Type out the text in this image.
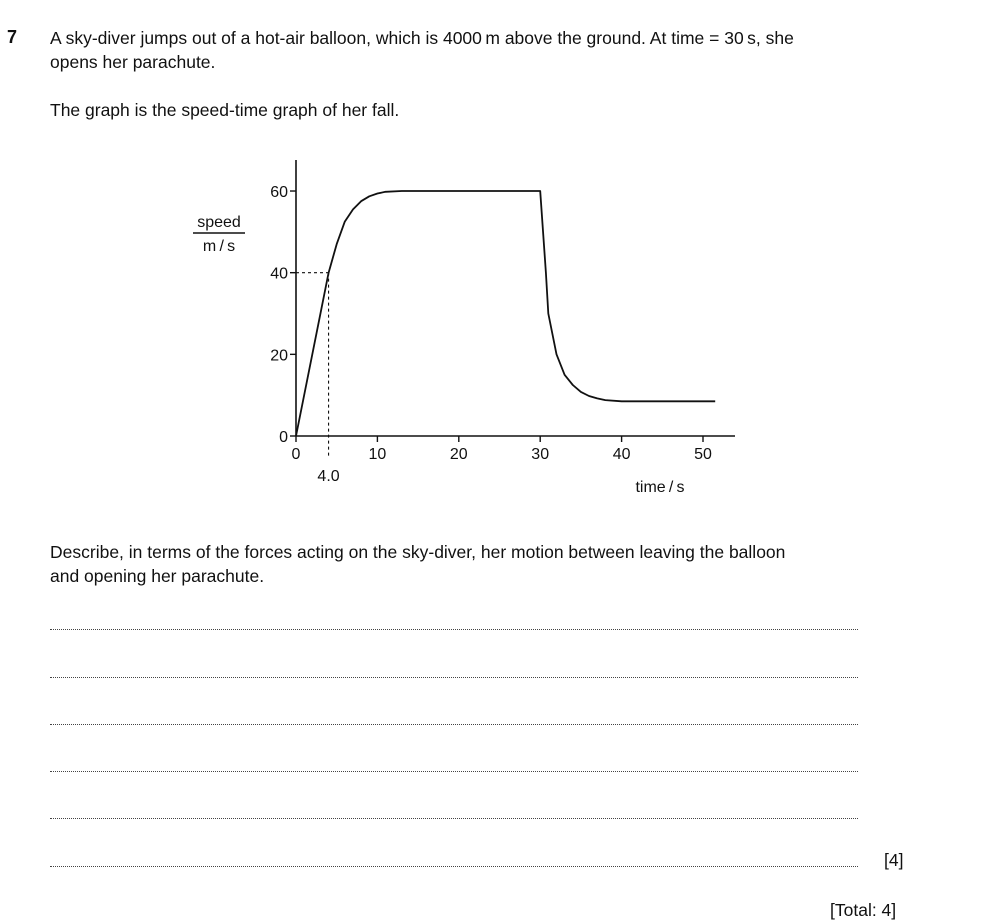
7 A sky-diver jumps out of a hot-air balloon, which is 4000 m above the ground. At time = 30 s, she
opens her parachute.
The graph is the speed-time graph of her fall.
0
20
40
60
0	10	20	30	40	50
speed
m / s
time / s
4.0
Describe, in terms of the forces acting on the sky-diver, her motion between leaving the balloon
and opening her parachute.
[4]
[Total: 4]
